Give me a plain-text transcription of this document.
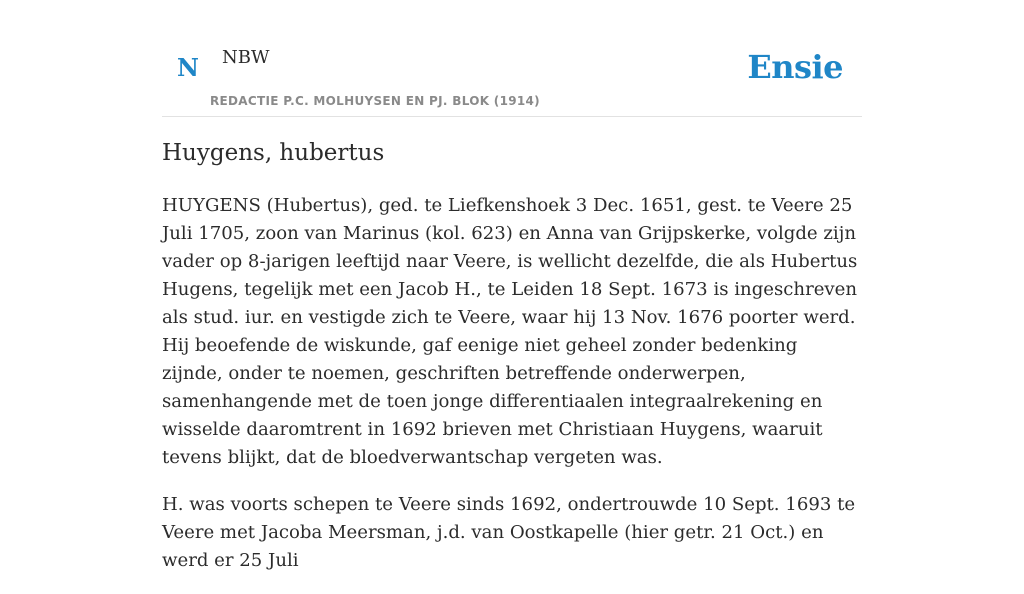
N NBW
REDACTIE P.C. MOLHUYSEN EN PJ. BLOK (1914)
Ensie
Huygens, hubertus

HUYGENS (Hubertus), ged. te Liefkenshoek 3 Dec. 1651, gest. te Veere 25 Juli 1705, zoon van Marinus (kol. 623) en Anna van Grijpskerke, volgde zijn vader op 8-jarigen leeftijd naar Veere, is wellicht dezelfde, die als Hubertus Hugens, tegelijk met een Jacob H., te Leiden 18 Sept. 1673 is ingeschreven als stud. iur. en vestigde zich te Veere, waar hij 13 Nov. 1676 poorter werd. Hij beoefende de wiskunde, gaf eenige niet geheel zonder bedenking zijnde, onder te noemen, geschriften betreffende onderwerpen, samenhangende met de toen jonge differentiaalen integraalrekening en wisselde daaromtrent in 1692 brieven met Christiaan Huygens, waaruit tevens blijkt, dat de bloedverwantschap vergeten was.

H. was voorts schepen te Veere sinds 1692, ondertrouwde 10 Sept. 1693 te Veere met Jacoba Meersman, j.d. van Oostkapelle (hier getr. 21 Oct.) en werd er 25 Juli
